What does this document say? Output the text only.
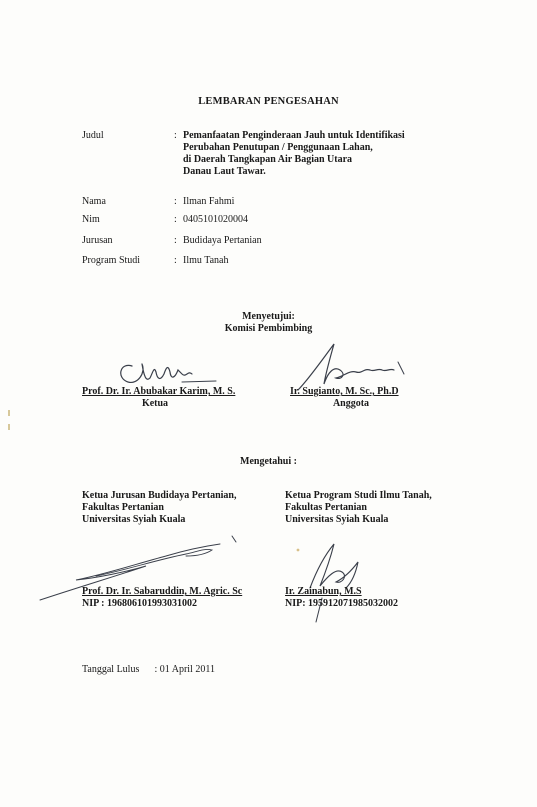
LEMBARAN PENGESAHAN
Judul	: Pemanfaatan Penginderaan Jauh untuk Identifikasi
Perubahan Penutupan / Penggunaan Lahan,
di Daerah Tangkapan Air Bagian Utara
Danau Laut Tawar.
Nama	: Ilman Fahmi
Nim	: 0405101020004
Jurusan	: Budidaya Pertanian
Program Studi	: Ilmu Tanah
Menyetujui:
Komisi Pembimbing
Prof. Dr. Ir. Abubakar Karim, M. S.
Ketua
Ir. Sugianto, M. Sc., Ph.D
Anggota
Mengetahui :
Ketua Jurusan Budidaya Pertanian,
Fakultas Pertanian
Universitas Syiah Kuala
Ketua Program Studi Ilmu Tanah,
Fakultas Pertanian
Universitas Syiah Kuala
Prof. Dr. Ir. Sabaruddin, M. Agric. Sc
NIP : 196806101993031002
Ir. Zainabun, M.S
NIP: 195912071985032002
Tanggal Lulus : 01 April 2011
